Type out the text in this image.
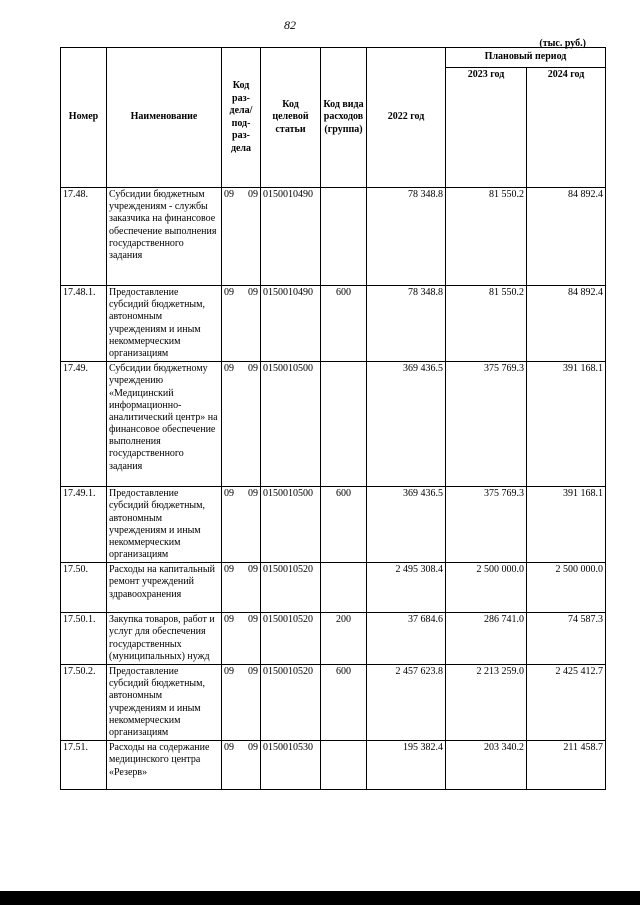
82
(тыс. руб.)
Номер	Наименование	Код раз-дела/ под-раз-дела	Код целевой статьи	Код вида расходов (группа)	2022 год	Плановый период	
						2023 год	2024 год
17.48.	Субсидии бюджетным учреждениям - службы заказчика на финансовое обеспечение выполнения государственного задания	09 09	0150010490		78 348.8	81 550.2	84 892.4
17.48.1.	Предоставление субсидий бюджетным, автономным учреждениям и иным некоммерческим организациям	09 09	0150010490	600	78 348.8	81 550.2	84 892.4
17.49.	Субсидии бюджетному учреждению «Медицинский информационно-аналитический центр» на финансовое обеспечение выполнения государственного задания	09 09	0150010500		369 436.5	375 769.3	391 168.1
17.49.1.	Предоставление субсидий бюджетным, автономным учреждениям и иным некоммерческим организациям	09 09	0150010500	600	369 436.5	375 769.3	391 168.1
17.50.	Расходы на капитальный ремонт учреждений здравоохранения	09 09	0150010520		2 495 308.4	2 500 000.0	2 500 000.0
17.50.1.	Закупка товаров, работ и услуг для обеспечения государственных (муниципальных) нужд	09 09	0150010520	200	37 684.6	286 741.0	74 587.3
17.50.2.	Предоставление субсидий бюджетным, автономным учреждениям и иным некоммерческим организациям	09 09	0150010520	600	2 457 623.8	2 213 259.0	2 425 412.7
17.51.	Расходы на содержание медицинского центра «Резерв»	09 09	0150010530		195 382.4	203 340.2	211 458.7
